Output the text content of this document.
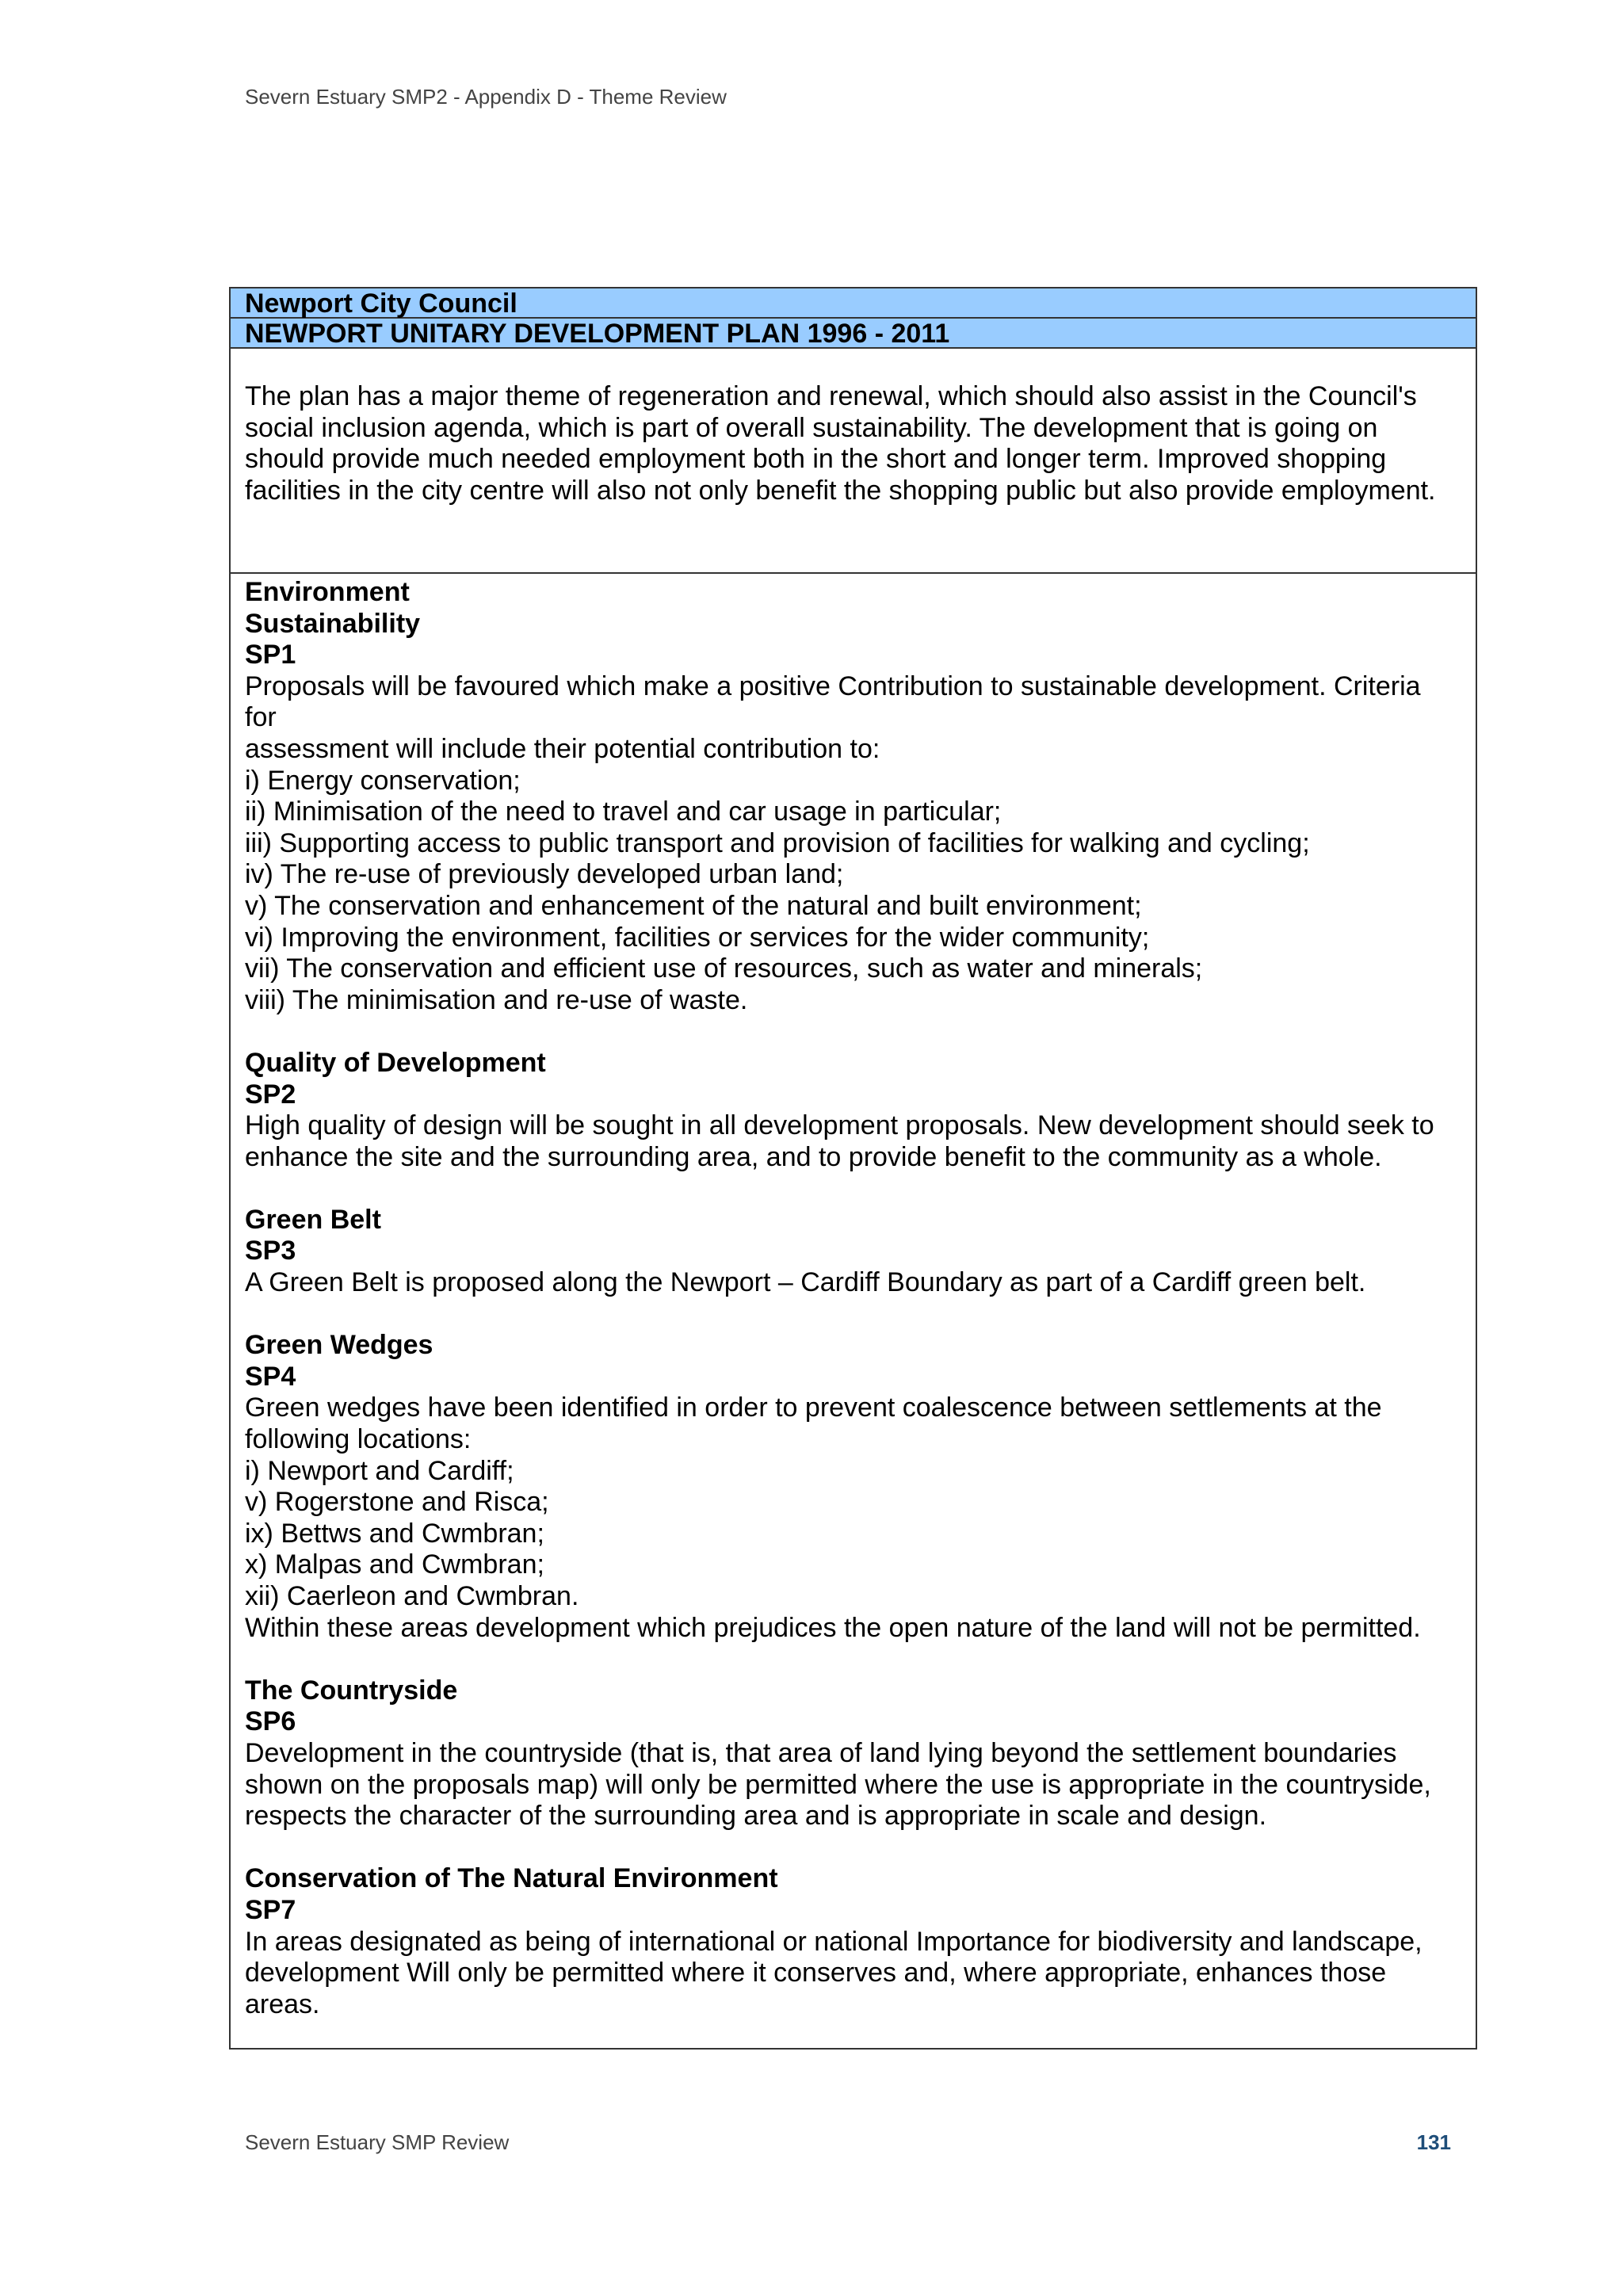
Severn Estuary SMP2 - Appendix D - Theme Review
Newport City Council
NEWPORT UNITARY DEVELOPMENT PLAN 1996 - 2011
The plan has a major theme of regeneration and renewal, which should also assist in the Council's
social inclusion agenda, which is part of overall sustainability. The development that is going on
should provide much needed employment both in the short and longer term. Improved shopping
facilities in the city centre will also not only benefit the shopping public but also provide employment.
Environment
Sustainability
SP1
Proposals will be favoured which make a positive Contribution to sustainable development. Criteria
for
assessment will include their potential contribution to:
i) Energy conservation;
ii) Minimisation of the need to travel and car usage in particular;
iii) Supporting access to public transport and provision of facilities for walking and cycling;
iv) The re-use of previously developed urban land;
v) The conservation and enhancement of the natural and built environment;
vi) Improving the environment, facilities or services for the wider community;
vii) The conservation and efficient use of resources, such as water and minerals;
viii) The minimisation and re-use of waste.
Quality of Development
SP2
High quality of design will be sought in all development proposals. New development should seek to
enhance the site and the surrounding area, and to provide benefit to the community as a whole.
Green Belt
SP3
A Green Belt is proposed along the Newport – Cardiff Boundary as part of a Cardiff green belt.
Green Wedges
SP4
Green wedges have been identified in order to prevent coalescence between settlements at the
following locations:
i) Newport and Cardiff;
v) Rogerstone and Risca;
ix) Bettws and Cwmbran;
x) Malpas and Cwmbran;
xii) Caerleon and Cwmbran.
Within these areas development which prejudices the open nature of the land will not be permitted.
The Countryside
SP6
Development in the countryside (that is, that area of land lying beyond the settlement boundaries
shown on the proposals map) will only be permitted where the use is appropriate in the countryside,
respects the character of the surrounding area and is appropriate in scale and design.
Conservation of The Natural Environment
SP7
In areas designated as being of international or national Importance for biodiversity and landscape,
development Will only be permitted where it conserves and, where appropriate, enhances those
areas.
Severn Estuary SMP Review	131
